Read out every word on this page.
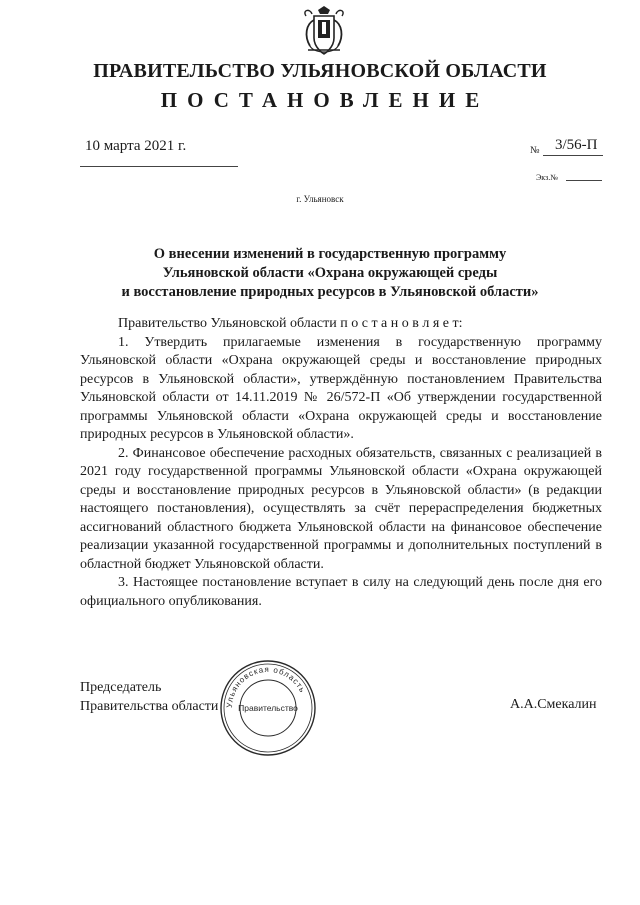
ПРАВИТЕЛЬСТВО УЛЬЯНОВСКОЙ ОБЛАСТИ
ПОСТАНОВЛЕНИЕ
10 марта 2021 г.	№ 3/56-П
Экз.№
г. Ульяновск
О внесении изменений в государственную программу
Ульяновской области «Охрана окружающей среды
и восстановление природных ресурсов в Ульяновской области»

Правительство Ульяновской области п о с т а н о в л я е т:

1. Утвердить прилагаемые изменения в государственную программу Ульяновской области «Охрана окружающей среды и восстановление природных ресурсов в Ульяновской области», утверждённую постановлением Правительства Ульяновской области от 14.11.2019 № 26/572-П «Об утверждении государственной программы Ульяновской области «Охрана окружающей среды и восстановление природных ресурсов в Ульяновской области».

2. Финансовое обеспечение расходных обязательств, связанных с реализацией в 2021 году государственной программы Ульяновской области «Охрана окружающей среды и восстановление природных ресурсов в Ульяновской области» (в редакции настоящего постановления), осуществлять за счёт перераспределения бюджетных ассигнований областного бюджета Ульяновской области на финансовое обеспечение реализации указанной государственной программы и дополнительных поступлений в областной бюджет Ульяновской области.

3. Настоящее постановление вступает в силу на следующий день после дня его официального опубликования.

Председатель
Правительства области	А.А.Смекалин
Ульяновская область
Правительство
